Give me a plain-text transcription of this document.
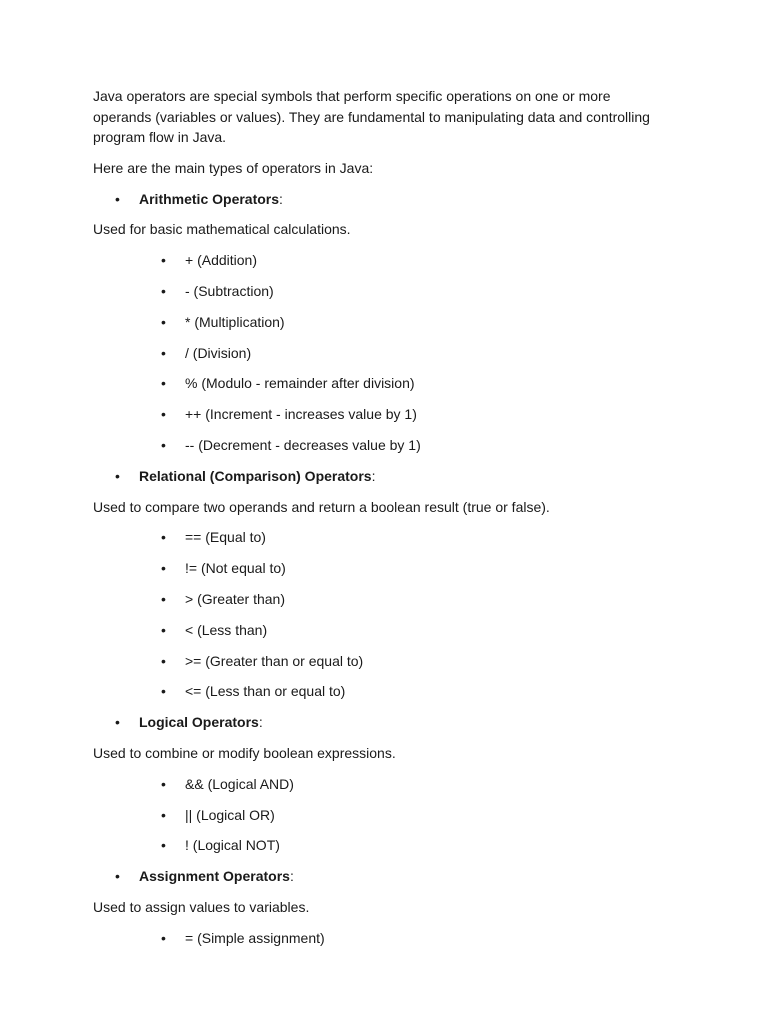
Java operators are special symbols that perform specific operations on one or more operands (variables or values). They are fundamental to manipulating data and controlling program flow in Java.

Here are the main types of operators in Java:

• Arithmetic Operators:

Used for basic mathematical calculations.

• + (Addition)
• - (Subtraction)
• * (Multiplication)
• / (Division)
• % (Modulo - remainder after division)
• ++ (Increment - increases value by 1)
• -- (Decrement - decreases value by 1)
• Relational (Comparison) Operators:

Used to compare two operands and return a boolean result (true or false).

• == (Equal to)
• != (Not equal to)
• > (Greater than)
• < (Less than)
• >= (Greater than or equal to)
• <= (Less than or equal to)
• Logical Operators:

Used to combine or modify boolean expressions.

• && (Logical AND)
• || (Logical OR)
• ! (Logical NOT)
• Assignment Operators:

Used to assign values to variables.

• = (Simple assignment)
